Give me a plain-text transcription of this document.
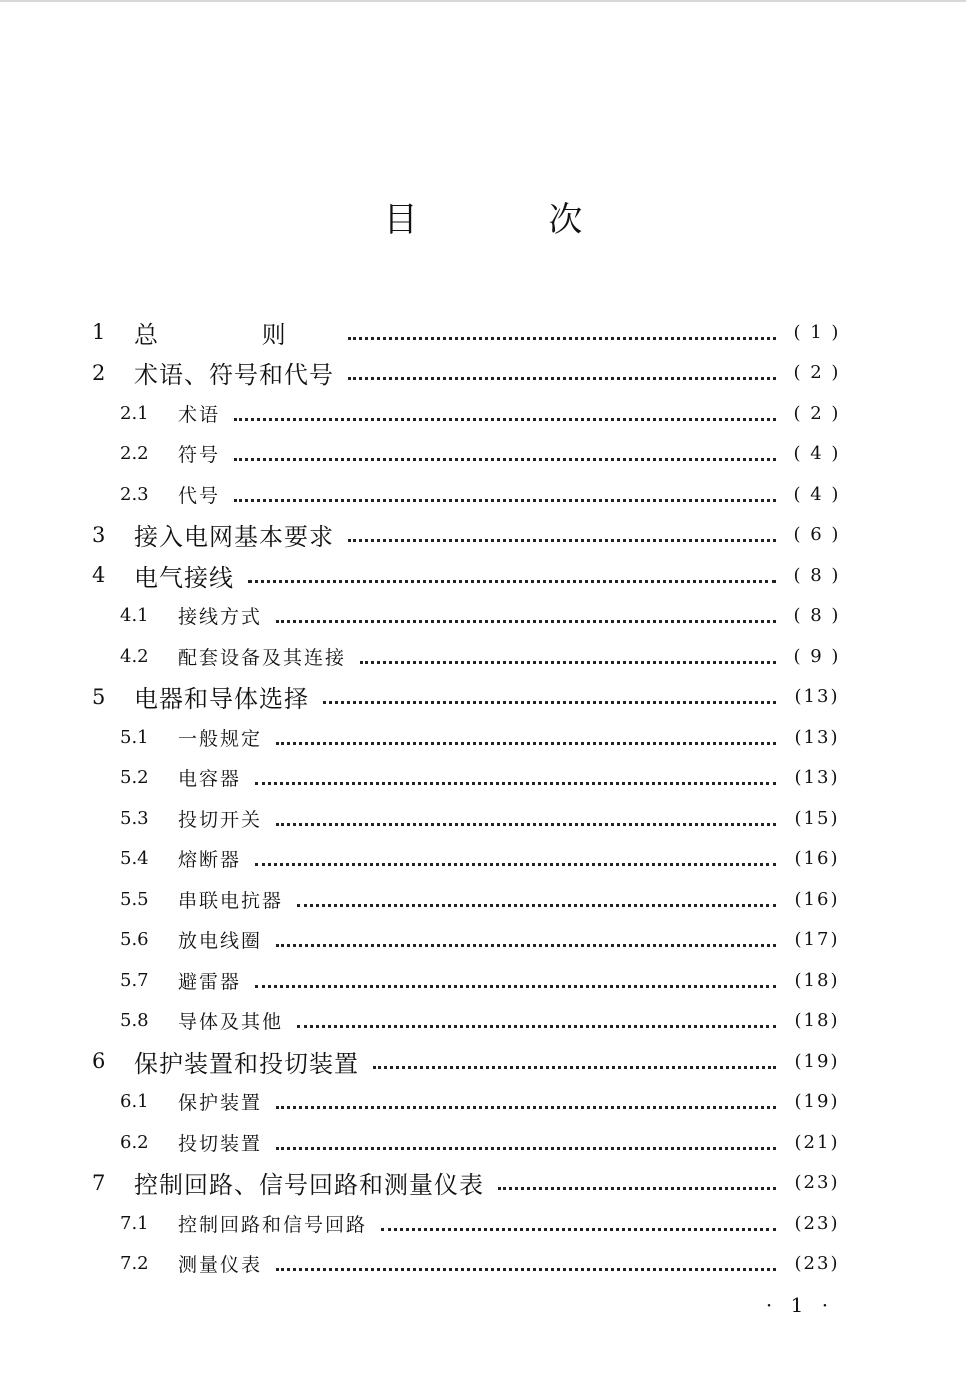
目 次
1	总 则	( 1 )
2	术语、符号和代号	( 2 )
2.1	术语	( 2 )
2.2	符号	( 4 )
2.3	代号	( 4 )
3	接入电网基本要求	( 6 )
4	电气接线	( 8 )
4.1	接线方式	( 8 )
4.2	配套设备及其连接	( 9 )
5	电器和导体选择	(13)
5.1	一般规定	(13)
5.2	电容器	(13)
5.3	投切开关	(15)
5.4	熔断器	(16)
5.5	串联电抗器	(16)
5.6	放电线圈	(17)
5.7	避雷器	(18)
5.8	导体及其他	(18)
6	保护装置和投切装置	(19)
6.1	保护装置	(19)
6.2	投切装置	(21)
7	控制回路、信号回路和测量仪表	(23)
7.1	控制回路和信号回路	(23)
7.2	测量仪表	(23)
· 1 ·
